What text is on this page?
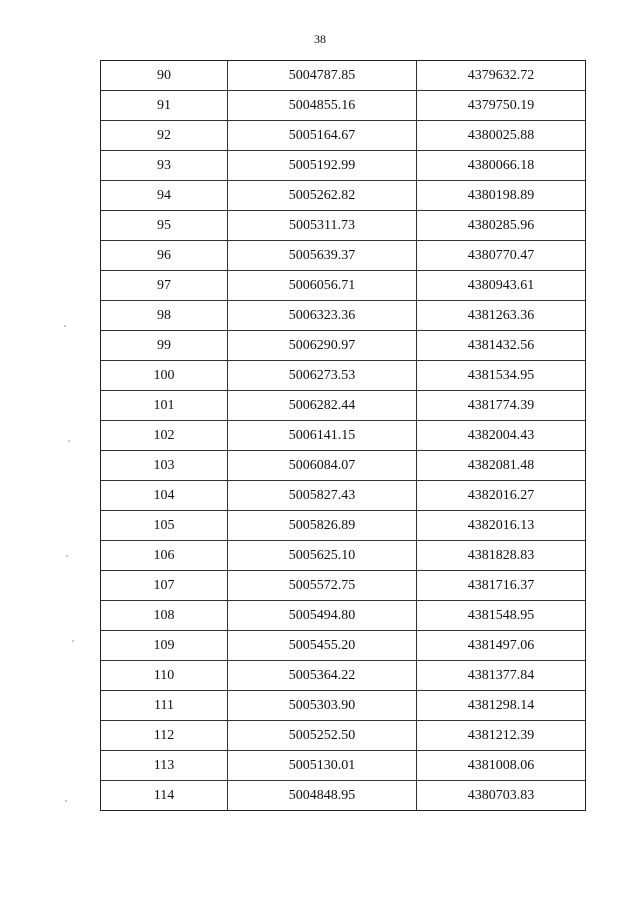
38
90	5004787.85	4379632.72
91	5004855.16	4379750.19
92	5005164.67	4380025.88
93	5005192.99	4380066.18
94	5005262.82	4380198.89
95	5005311.73	4380285.96
96	5005639.37	4380770.47
97	5006056.71	4380943.61
98	5006323.36	4381263.36
99	5006290.97	4381432.56
100	5006273.53	4381534.95
101	5006282.44	4381774.39
102	5006141.15	4382004.43
103	5006084.07	4382081.48
104	5005827.43	4382016.27
105	5005826.89	4382016.13
106	5005625.10	4381828.83
107	5005572.75	4381716.37
108	5005494.80	4381548.95
109	5005455.20	4381497.06
110	5005364.22	4381377.84
111	5005303.90	4381298.14
112	5005252.50	4381212.39
113	5005130.01	4381008.06
114	5004848.95	4380703.83
